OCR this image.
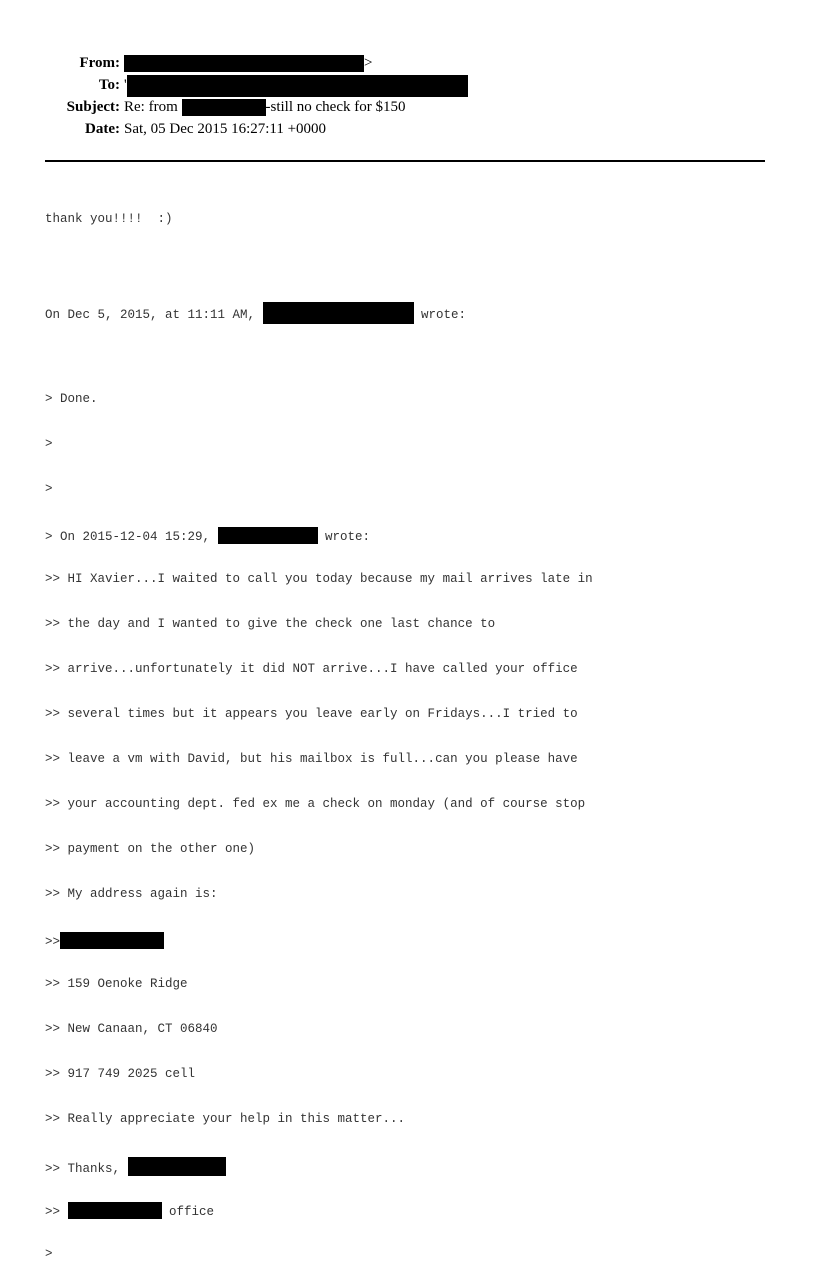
From:	>
To: '
Subject: Re: from	-still no check for $150
Date: Sat, 05 Dec 2015 16:27:11 +0000

thank you!!!!  :)

On Dec 5, 2015, at 11:11 AM,	wrote:

> Done.

>

>

> On 2015-12-04 15:29,	wrote:

>> HI Xavier...I waited to call you today because my mail arrives late in

>> the day and I wanted to give the check one last chance to

>> arrive...unfortunately it did NOT arrive...I have called your office

>> several times but it appears you leave early on Fridays...I tried to

>> leave a vm with David, but his mailbox is full...can you please have

>> your accounting dept. fed ex me a check on monday (and of course stop

>> payment on the other one)

>> My address again is:

>>

>> 159 Oenoke Ridge

>> New Canaan, CT 06840

>> 917 749 2025 cell

>> Really appreciate your help in this matter...

>> Thanks,

>>	office

>
